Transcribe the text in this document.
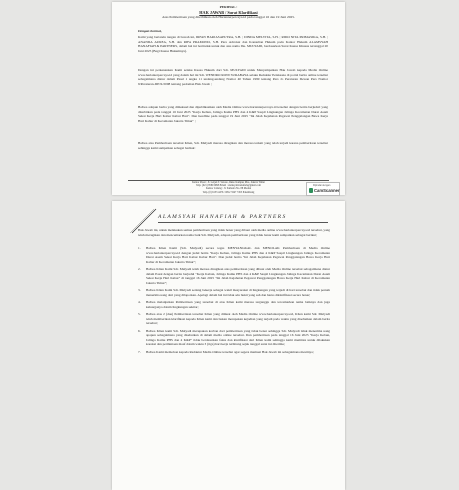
PERIHAL :
HAK JAWAB / Surat Klarifikasi
Atas Pemberitaan yang diterbitkan oleh Harianterpercaya.id pada tanggal 16 dan 19 Juni 2025.
Dengan hormat,
Kami yang bertanda tangan di bawah ini, IRFAN HARJASAPUTRA, S.H. ; DINDA MELVITA, S.H. ; RIDO NITA PRIMASIKA, S.H. ; ANANDA AUREA, S.H. dan RIFA PRAMONO, S.H. Para Advokat dan Konsultan Hukum pada Kantor Hukum ALAMSYAH HANAFIAH & PARTNERS, dalam hal ini bertindak untuk dan atas nama Ibu. MULYADI, berdasarkan Surat Kuasa Khusus tertanggal 20 Juni 2025 (Bagi Kuasa Hukumnya).
Dengan ini perkenankan Kami selaku Kuasa Hukum dari Sdr. MULYADI untuk Menyampaikan Hak Jawab kepada Media Online www.harianterpercaya.id yang dalam hal ini Sdr. WENDRO RONI SURABAYA selaku Redaktur Pelaksana di portal berita online tersebut sebagaimana diatur dalam Pasal 1 angka 11 undang-undang Nomor 40 Tahun 1999 tentang Pers Jo Peraturan Dewan Pers Nomor 9/Peraturan-DP/X/2008 tentang pedoman Hak Jawab ;
Bahwa adapun berita yang dimaksud dan dipublikasikan oleh Media Online www.harianterpercaya.id tersebut dengan berita berjudul: yang diterbitkan pada tanggal 16 Juni 2025 "Kerja Kebun, Jalinga Kamu PHS dan 4 K&P Saspil Lingkungan Jalinga Kecamatan Durat Asam Sekai Kerja Hari Kabur Kabur Hari". Dan headline pada tanggal 19 Juni 2025 "Ini Jalah Kejahatan Pegawai Penggalangan Bawa Kerja Hari Kabur di Kecamatan Jakarta Timur" ;
Bahwa atas Pemberitaan tersebut Klien, Sdr. Mulyadi merasa dirugikan dan merasa terkait yang telah terjadi karena pemberitaan tersebut sehingga kami sampaikan sebagai berikut:
Kantor Pusat : Jl. Letjen T. Sutono, Ruko Kampus Mas, Jakarta Timur
Telp. (021) 8589 9098 Email : alamsyah.hanafiah@gmail.com
Kantor Cabang : Jl. Sumatra No. 88 Medan
Telp. (0) 6133 4476 / 0812 3347 7455 Palembang
Dipindai dengan
CamScanner
ALAMSYAH HANAFIAH & PARTNERS
Hak Jawab ini, untuk melakukan semua pemberitaan yang tidak benar yang dibuat oleh media online www.harianterpercaya.id tersebut, yang telah merugikan dan mencemarkan nama baik Sdr. Mulyadi, adapun pemberitaan yang tidak benar kami sampaikan sebagai berikut;
1.	Bahwa Klien Kami (Sdr. Mulyadi) secara tegas MENYANGKAL dan MENOLAK Pemberitaan di Media Online www.harianterpercaya.id dengan judul berita "Kerja Kebun, Jalinga Kamu PHS dan 4 K&P Saspil Lingkungan Jalinga Kecamatan Durat Asam Sekai Kerja Hari Kabur Kabur Hari". Dan judul berita "Ini Jalah Kejahatan Pegawai Penggalangan Bawa Kerja Hari Kabur di Kecamatan Jakarta Timur";
2.	Bahwa Klien Kami Sdr. Mulyadi telah merasa dirugikan atas pemberitaan yang dibuat oleh Media Online tersebut sebagaimana diatur dalam Pasal dengan berita berjudul "Kerja Kebun, Jalinga Kamu PHS dan 4 K&P Saspil Lingkungan Jalinga Kecamatan Durat Asam Sekai Kerja Hari Kabur" di tanggal 16 Juni 2025 "Ini Jalah Kejahatan Pegawai Penggalangan Bawa Kerja Hari Kabur di Kecamatan Jakarta Timur";
3.	Bahwa Klien Kami Sdr. Mulyadi sedang bekerja sebagai wakil masyarakat di lingkungan yang terjadi di hari tersebut dan tidak pernah menerima uang dari yang dilaporkan. Apalagi dalam hal ini tidak ada bukti yang sah dan harus diklarifikasi secara benar;
4.	Bahwa melanjutkan Pemberitaan yang tersebut di atas Klien kami merasa terganggu dan tercemarkan nama baiknya dan juga keluarganya dalam lingkungan sekitar;
5.	Bahwa atas 2 (dua) Pemberitaan tersebut Klien yang dimuat oleh Media Online www.harianterpercaya.id, Klien kami Sdr. Mulyadi telah memberikan klarifikasi kepada Klien kami dan bukan merupakan kejadian yang terjadi pada waktu yang disebutkan dalam berita tersebut;
6.	Bahwa Klien kami Sdr. Mulyadi merupakan korban dari pemberitaan yang tidak benar sehingga Sdr. Mulyadi tidak menerima uang apapun sebagaimana yang disebutkan di dalam media online tersebut. Dan pemberitaan pada tanggal 16 Juni 2025 "Kerja Kebun, Jalinga Kamu PHS dan 4 K&P" tidak berdasarkan fakta dan klarifikasi dari Klien kami sehingga kami meminta untuk dilakukan koreksi dan permintaan maaf dalam waktu 3 (tiga) hari kerja terhitung sejak tanggal surat ini diterima;
7.	Bahwa Kami memohon kepada Redaktur Media Online tersebut agar segera memuat Hak Jawab ini sebagaimana mestinya;
